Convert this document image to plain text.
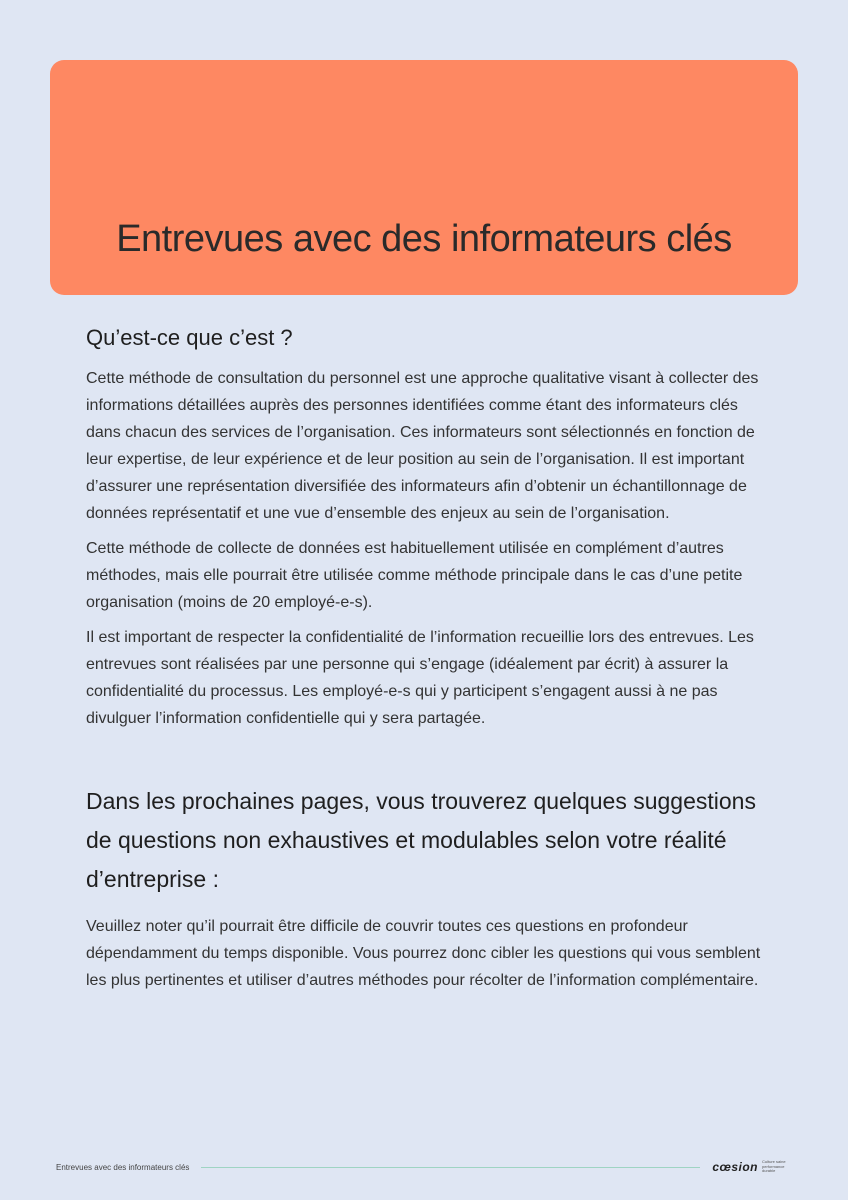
Entrevues avec des informateurs clés
Qu’est-ce que c’est ?

Cette méthode de consultation du personnel est une approche qualitative visant à collecter des informations détaillées auprès des personnes identifiées comme étant des informateurs clés dans chacun des services de l’organisation. Ces informateurs sont sélectionnés en fonction de leur expertise, de leur expérience et de leur position au sein de l’organisation. Il est important d’assurer une représentation diversifiée des informateurs afin d’obtenir un échantillonnage de données représentatif et une vue d’ensemble des enjeux au sein de l’organisation.

Cette méthode de collecte de données est habituellement utilisée en complément d’autres méthodes, mais elle pourrait être utilisée comme méthode principale dans le cas d’une petite organisation (moins de 20 employé-e-s).

Il est important de respecter la confidentialité de l’information recueillie lors des entrevues. Les entrevues sont réalisées par une personne qui s’engage (idéalement par écrit) à assurer la confidentialité du processus. Les employé-e-s qui y participent s’engagent aussi à ne pas divulguer l’information confidentielle qui y sera partagée.

Dans les prochaines pages, vous trouverez quelques suggestions de questions non exhaustives et modulables selon votre réalité d’entreprise :

Veuillez noter qu’il pourrait être difficile de couvrir toutes ces questions en profondeur dépendamment du temps disponible. Vous pourrez donc cibler les questions qui vous semblent les plus pertinentes et utiliser d’autres méthodes pour récolter de l’information complémentaire.

Entrevues avec des informateurs clés	cœsion Culture saine performance durable
